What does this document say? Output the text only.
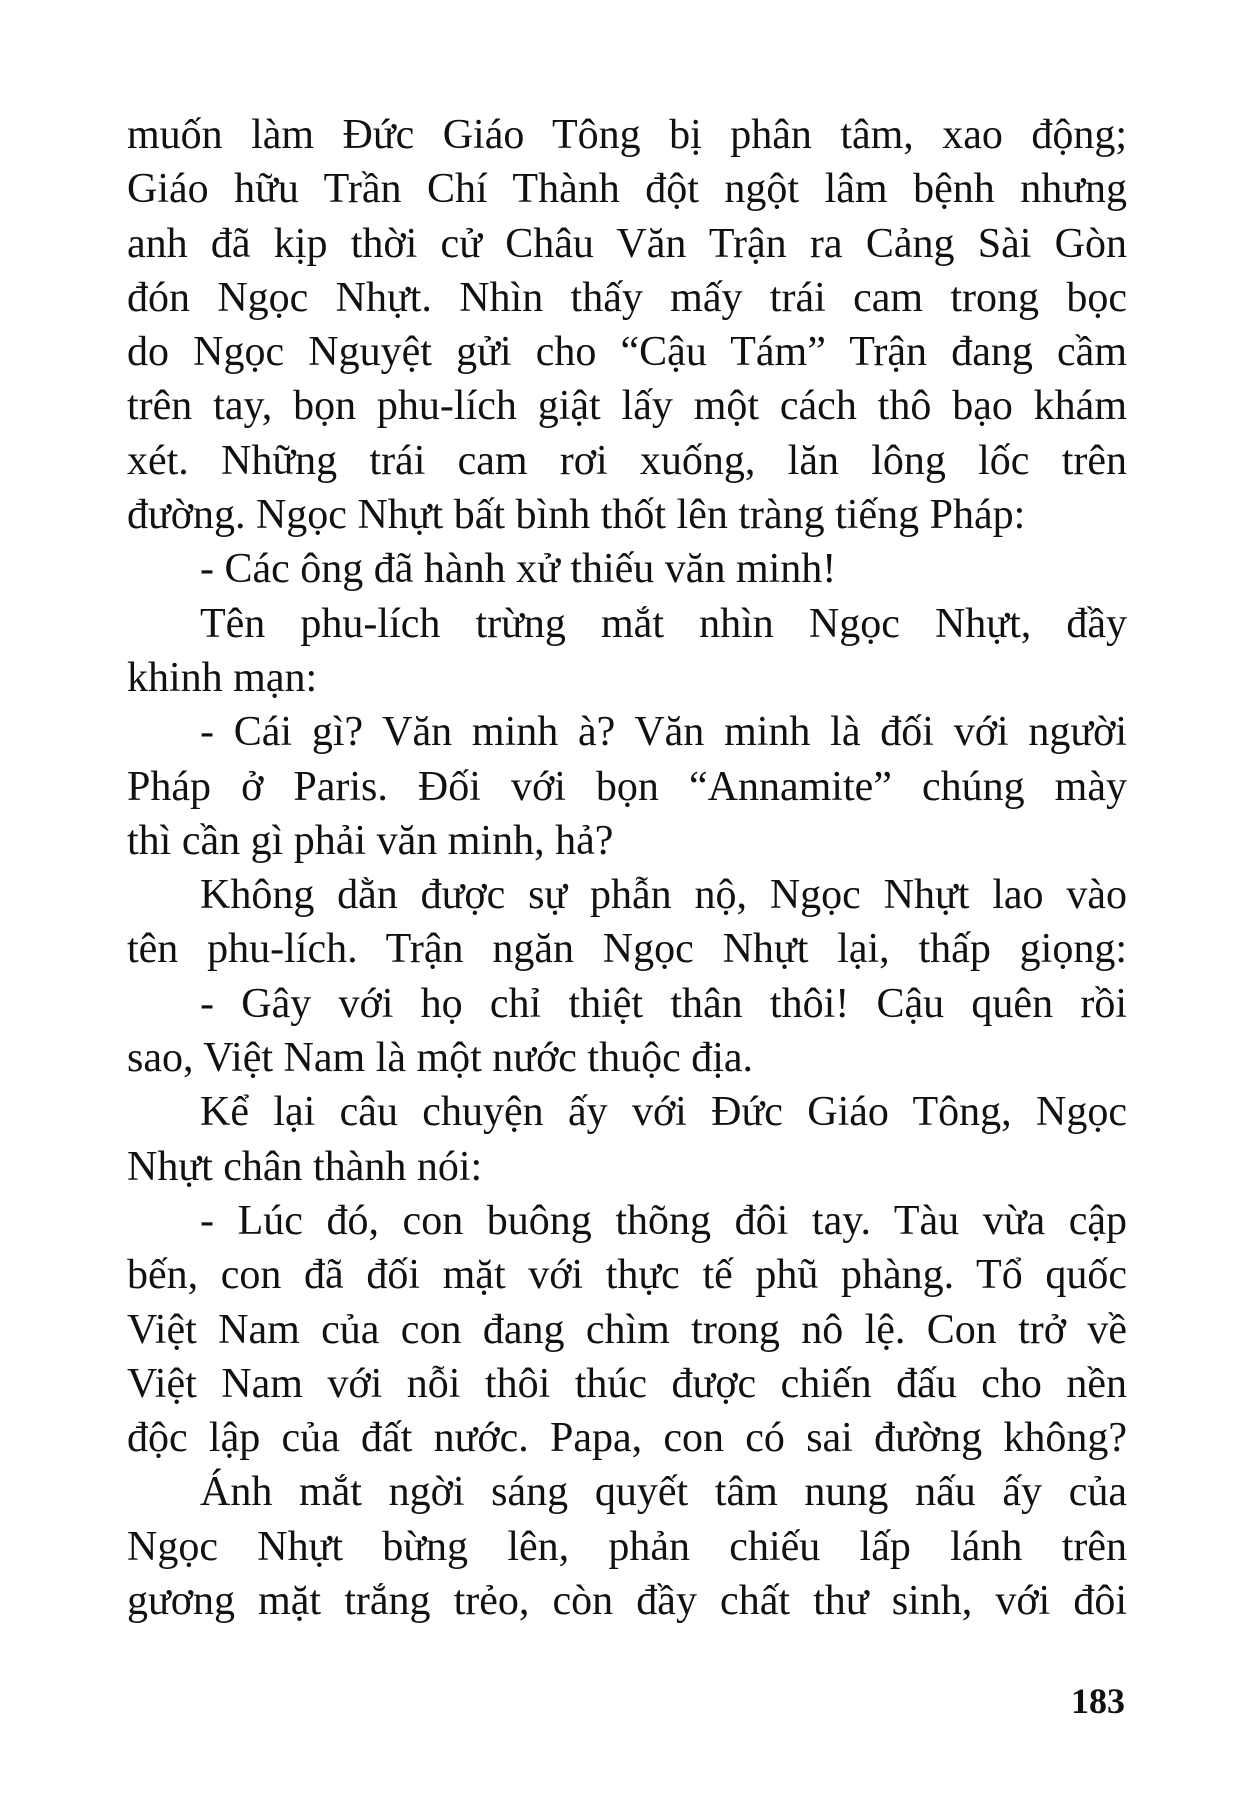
muốn làm Đức Giáo Tông bị phân tâm, xao động;
Giáo hữu Trần Chí Thành đột ngột lâm bệnh nhưng
anh đã kịp thời cử Châu Văn Trận ra Cảng Sài Gòn
đón Ngọc Nhựt. Nhìn thấy mấy trái cam trong bọc
do Ngọc Nguyệt gửi cho “Cậu Tám” Trận đang cầm
trên tay, bọn phu-lích giật lấy một cách thô bạo khám
xét. Những trái cam rơi xuống, lăn lông lốc trên
đường. Ngọc Nhựt bất bình thốt lên tràng tiếng Pháp:
- Các ông đã hành xử thiếu văn minh!
Tên phu-lích trừng mắt nhìn Ngọc Nhựt, đầy
khinh mạn:
- Cái gì? Văn minh à? Văn minh là đối với người
Pháp ở Paris. Đối với bọn “Annamite” chúng mày
thì cần gì phải văn minh, hả?
Không dằn được sự phẫn nộ, Ngọc Nhựt lao vào
tên phu-lích. Trận ngăn Ngọc Nhựt lại, thấp giọng:
- Gây với họ chỉ thiệt thân thôi! Cậu quên rồi
sao, Việt Nam là một nước thuộc địa.
Kể lại câu chuyện ấy với Đức Giáo Tông, Ngọc
Nhựt chân thành nói:
- Lúc đó, con buông thõng đôi tay. Tàu vừa cập
bến, con đã đối mặt với thực tế phũ phàng. Tổ quốc
Việt Nam của con đang chìm trong nô lệ. Con trở về
Việt Nam với nỗi thôi thúc được chiến đấu cho nền
độc lập của đất nước. Papa, con có sai đường không?
Ánh mắt ngời sáng quyết tâm nung nấu ấy của
Ngọc Nhựt bừng lên, phản chiếu lấp lánh trên
gương mặt trắng trẻo, còn đầy chất thư sinh, với đôi
183
